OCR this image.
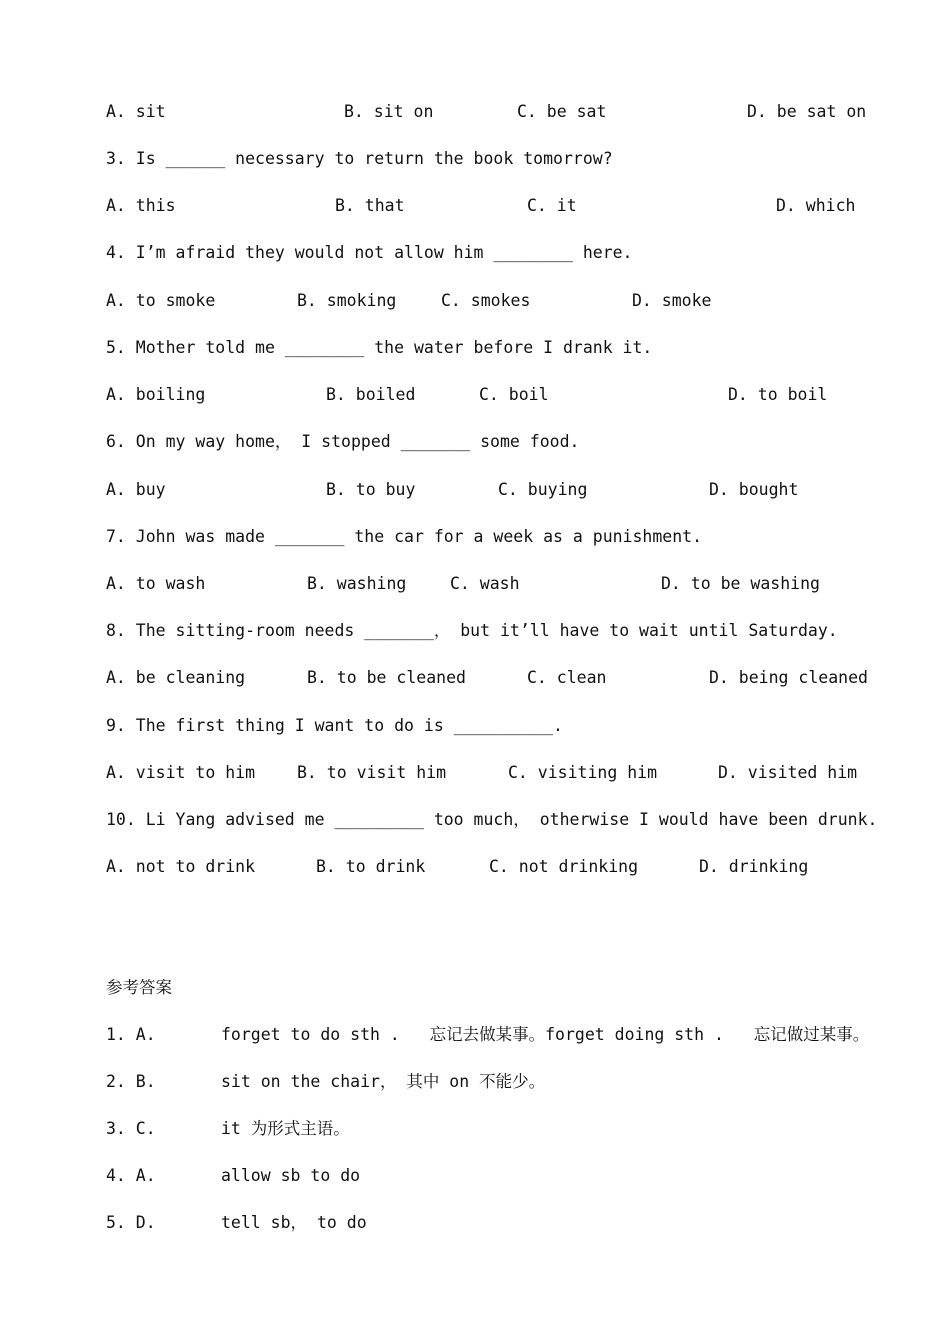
A. sit

	B. sit on

	C. be sat

	D. be sat on

3. Is ______ necessary to return the book tomorrow?

A. this

	B. that

	C. it

	D. which

4. I’m afraid they would not allow him ________ here.

A. to smoke

	B. smoking

	C. smokes

	D. smoke

5. Mother told me ________ the water before I drank it.

A. boiling

	B. boiled

	C. boil

	D. to boil

6. On my way home， I stopped _______ some food.

A. buy

	B. to buy

	C. buying

	D. bought

7. John was made _______ the car for a week as a punishment.

A. to wash

	B. washing

	C. wash

	D. to be washing

8. The sitting-room needs _______， but it’ll have to wait until Saturday.

A. be cleaning

	B. to be cleaned

	C. clean

	D. being cleaned

9. The first thing I want to do is __________.

A. visit to him

	B. to visit him

	C. visiting him

	D. visited him

10. Li Yang advised me _________ too much， otherwise I would have been drunk.

A. not to drink

	B. to drink

	C. not drinking

	D. drinking

参考答案

1. A.

	forget to do sth .   忘记去做某事。forget doing sth .   忘记做过某事。

2. B.

	sit on the chair， 其中 on 不能少。

3. C.

	it 为形式主语。

4. A.

	allow sb to do

5. D.

	tell sb， to do
